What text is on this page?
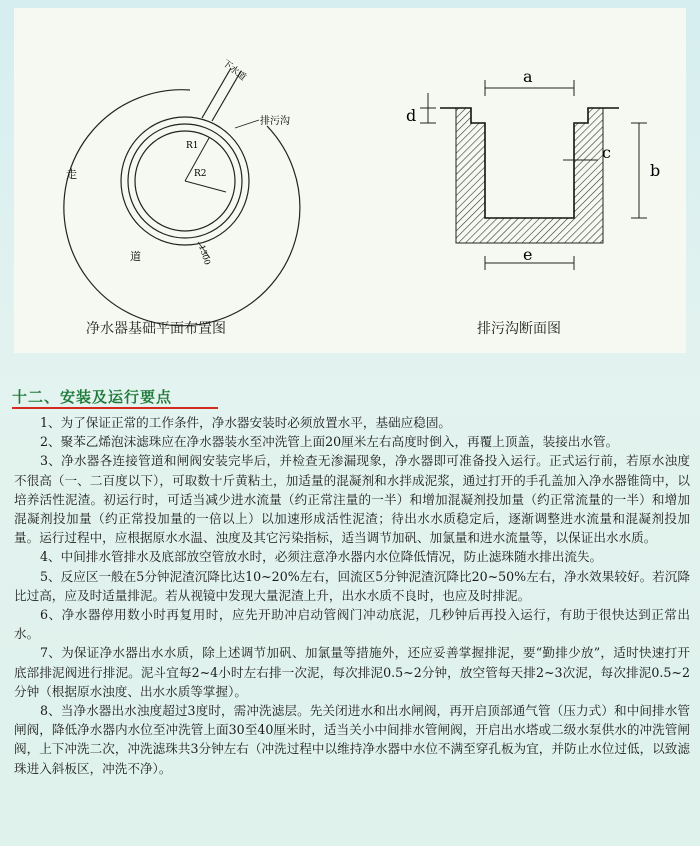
走
道
排污沟
下水道
R1
R2
1300
a
d
b
c
e
净水器基础平面布置图	排污沟断面图
十二、安装及运行要点

1、为了保证正常的工作条件，净水器安装时必须放置水平，基础应稳固。

2、聚苯乙烯泡沫滤珠应在净水器装水至冲洗管上面20厘米左右高度时倒入，再覆上顶盖，装接出水管。

3、净水器各连接管道和闸阀安装完毕后，并检查无渗漏现象，净水器即可准备投入运行。正式运行前，若原水浊度不很高（一、二百度以下），可取数十斤黄粘土，加适量的混凝剂和水拌成泥浆，通过打开的手孔盖加入净水器锥筒中，以培养活性泥渣。初运行时，可适当减少进水流量（约正常注量的一半）和增加混凝剂投加量（约正常流量的一半）和增加混凝剂投加量（约正常投加量的一倍以上）以加速形成活性泥渣；待出水水质稳定后，逐渐调整进水流量和混凝剂投加量。运行过程中，应根据原水水温、浊度及其它污染指标，适当调节加矾、加氯量和进水流量等，以保证出水水质。

4、中间排水管排水及底部放空管放水时，必须注意净水器内水位降低情况，防止滤珠随水排出流失。

5、反应区一般在5分钟泥渣沉降比达10~20%左右，回流区5分钟泥渣沉降比20~50%左右，净水效果较好。若沉降比过高，应及时适量排泥。若从视镜中发现大量泥渣上升，出水水质不良时，也应及时排泥。

6、净水器停用数小时再复用时，应先开助冲启动管阀门冲动底泥，几秒钟后再投入运行，有助于很快达到正常出水。

7、为保证净水器出水水质，除上述调节加矾、加氯量等措施外，还应妥善掌握排泥，要“勤排少放”，适时快速打开底部排泥阀进行排泥。泥斗宜每2~4小时左右排一次泥，每次排泥0.5~2分钟，放空管每天排2~3次泥，每次排泥0.5~2分钟（根据原水浊度、出水水质等掌握）。

8、当净水器出水浊度超过3度时，需冲洗滤层。先关闭进水和出水闸阀，再开启顶部通气管（压力式）和中间排水管闸阀，降低净水器内水位至冲洗管上面30至40厘米时，适当关小中间排水管闸阀，开启出水塔或二级水泵供水的冲洗管闸阀，上下冲洗二次，冲洗滤珠共3分钟左右（冲洗过程中以维持净水器中水位不满至穿孔板为宜，并防止水位过低，以致滤珠进入斜板区，冲洗不净）。
